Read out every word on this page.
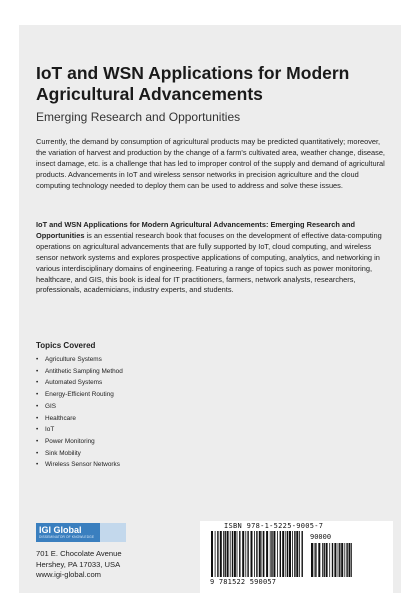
IoT and WSN Applications for Modern Agricultural Advancements
Emerging Research and Opportunities
Currently, the demand by consumption of agricultural products may be predicted quantitatively; moreover, the variation of harvest and production by the change of a farm's cultivated area, weather change, disease, insect damage, etc. is a challenge that has led to improper control of the supply and demand of agricultural products. Advancements in IoT and wireless sensor networks in precision agriculture and the cloud computing technology needed to deploy them can be used to address and solve these issues.
IoT and WSN Applications for Modern Agricultural Advancements: Emerging Research and Opportunities is an essential research book that focuses on the development of effective data-computing operations on agricultural advancements that are fully supported by IoT, cloud computing, and wireless sensor network systems and explores prospective applications of computing, analytics, and networking in various interdisciplinary domains of engineering. Featuring a range of topics such as power monitoring, healthcare, and GIS, this book is ideal for IT practitioners, farmers, network analysts, researchers, professionals, academicians, industry experts, and students.
Topics Covered
• Agriculture Systems
• Antithetic Sampling Method
• Automated Systems
• Energy-Efficient Routing
• GIS
• Healthcare
• IoT
• Power Monitoring
• Sink Mobility
• Wireless Sensor Networks
IGI Global
DISSEMINATOR OF KNOWLEDGE
701 E. Chocolate Avenue
Hershey, PA 17033, USA
www.igi-global.com
ISBN 978-1-5225-9005-7
90000
9 781522 590057
